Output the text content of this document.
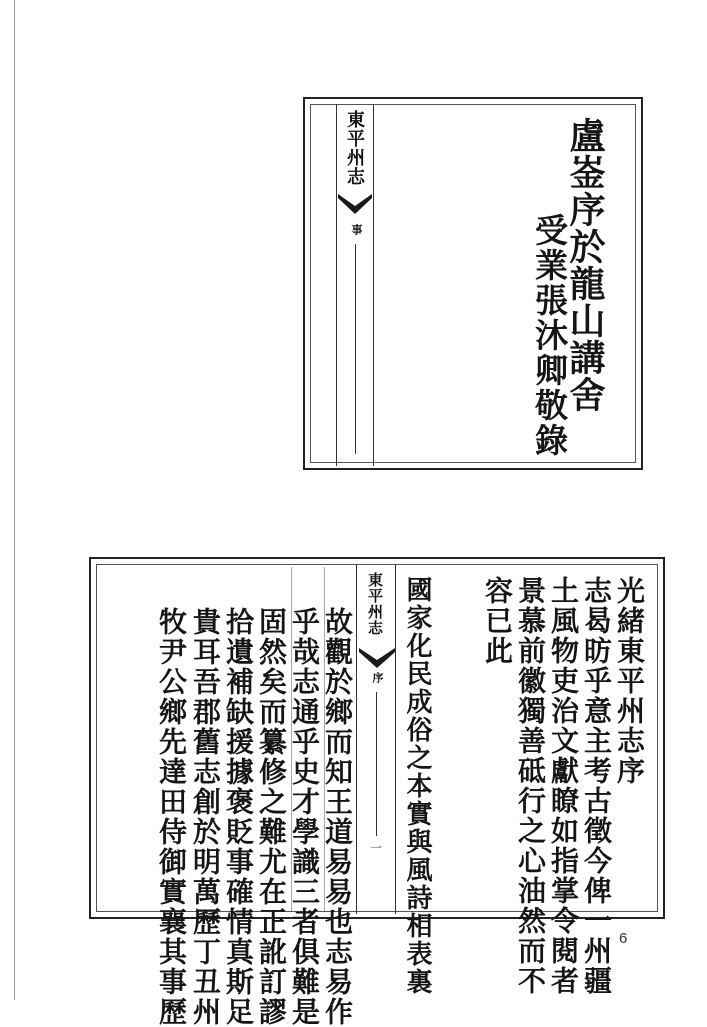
東平州志
事	盧崟序於龍山講舍
受業張沐卿敬錄
東平州志
序
一
光緒東平州志序
志曷昉乎意主考古徵今俾一州疆
土風物吏治文獻瞭如指掌令閱者
景慕前徽獨善砥行之心油然而不
容已此
國家化民成俗之本實與風詩相表裏
故觀於鄉而知王道易易也志易作
乎哉志通乎史才學識三者俱難是
固然矣而纂修之難尤在正訛訂謬
拾遺補缺援據褒貶事確情真斯足
貴耳吾郡舊志創於明萬歷丁丑州
牧尹公鄉先達田侍御實襄其事歷	6
